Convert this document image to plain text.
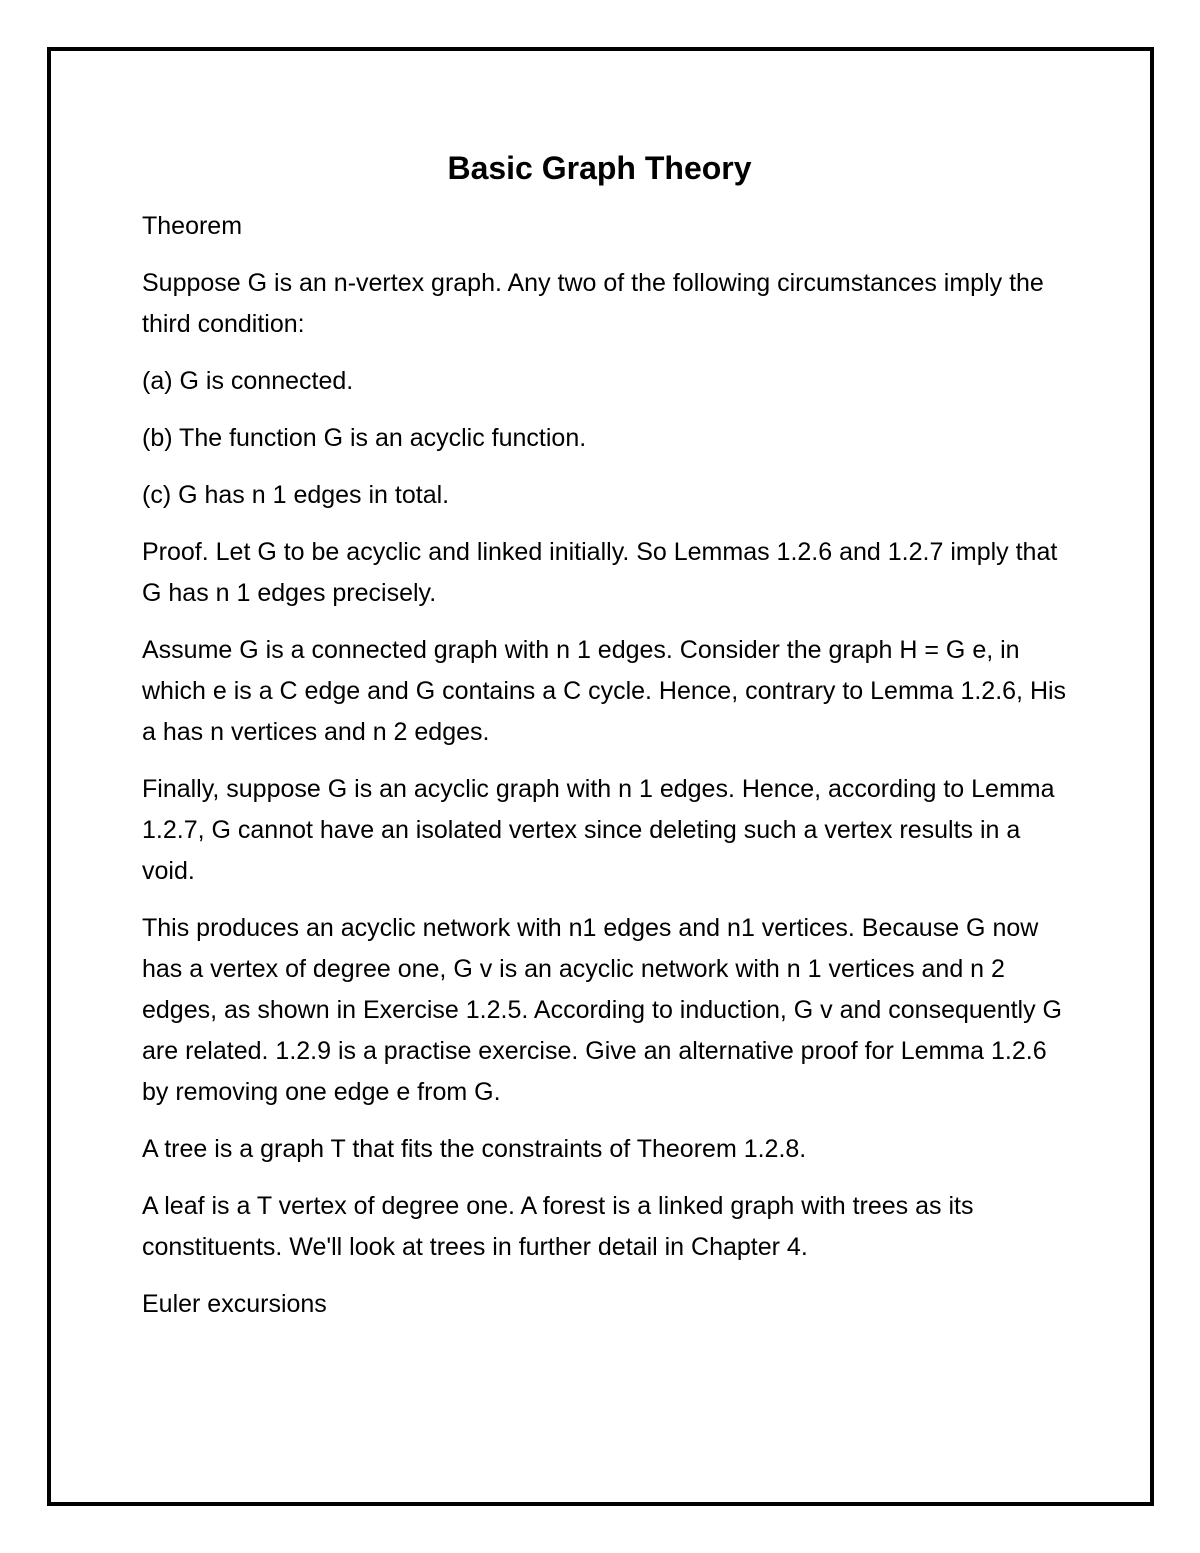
Basic Graph Theory

Theorem

Suppose G is an n-vertex graph. Any two of the following circumstances imply the third condition:

(a) G is connected.

(b) The function G is an acyclic function.

(c) G has n 1 edges in total.

Proof. Let G to be acyclic and linked initially. So Lemmas 1.2.6 and 1.2.7 imply that G has n 1 edges precisely.

Assume G is a connected graph with n 1 edges. Consider the graph H = G e, in which e is a C edge and G contains a C cycle. Hence, contrary to Lemma 1.2.6, His a has n vertices and n 2 edges.

Finally, suppose G is an acyclic graph with n 1 edges. Hence, according to Lemma 1.2.7, G cannot have an isolated vertex since deleting such a vertex results in a void.

This produces an acyclic network with n1 edges and n1 vertices. Because G now has a vertex of degree one, G v is an acyclic network with n 1 vertices and n 2 edges, as shown in Exercise 1.2.5. According to induction, G v and consequently G are related. 1.2.9 is a practise exercise. Give an alternative proof for Lemma 1.2.6 by removing one edge e from G.

A tree is a graph T that fits the constraints of Theorem 1.2.8.

A leaf is a T vertex of degree one. A forest is a linked graph with trees as its constituents. We'll look at trees in further detail in Chapter 4.

Euler excursions
